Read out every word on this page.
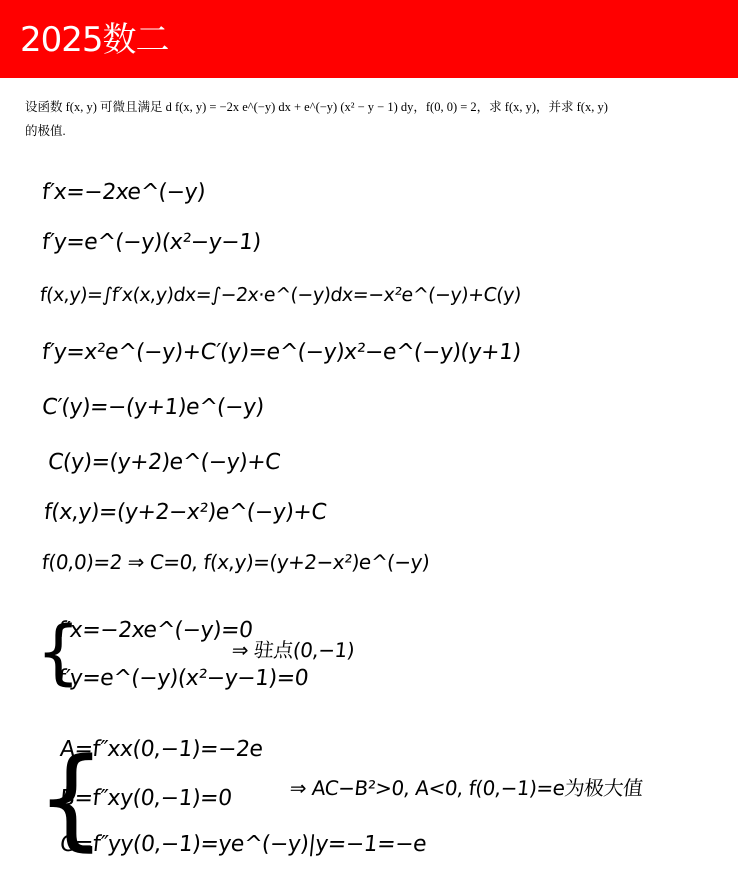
2025数二
设函数 f(x, y) 可微且满足 d f(x, y) = −2x e^(−y) dx + e^(−y) (x² − y − 1) dy，f(0, 0) = 2，求 f(x, y)，并求 f(x, y)
的极值.
f′x=−2xe^(−y)
f′y=e^(−y)(x²−y−1)
f(x,y)=∫f′x(x,y)dx=∫−2x·e^(−y)dx=−x²e^(−y)+C(y)
f′y=x²e^(−y)+C′(y)=e^(−y)x²−e^(−y)(y+1)
C′(y)=−(y+1)e^(−y)
C(y)=(y+2)e^(−y)+C
f(x,y)=(y+2−x²)e^(−y)+C
f(0,0)=2 ⇒ C=0, f(x,y)=(y+2−x²)e^(−y)
{
f′x=−2xe^(−y)=0
f′y=e^(−y)(x²−y−1)=0
⇒ 驻点(0,−1)
{
A=f″xx(0,−1)=−2e
B=f″xy(0,−1)=0
C=f″yy(0,−1)=ye^(−y)|y=−1=−e
⇒ AC−B²>0, A<0, f(0,−1)=e为极大值
